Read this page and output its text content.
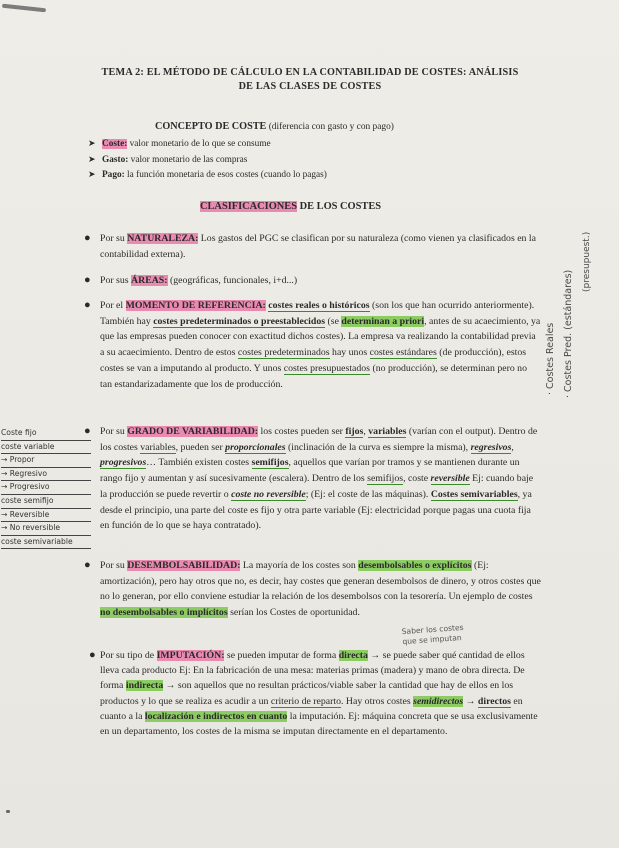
TEMA 2: EL MÉTODO DE CÁLCULO EN LA CONTABILIDAD DE COSTES: ANÁLISIS
DE LAS CLASES DE COSTES
CONCEPTO DE COSTE (diferencia con gasto y con pago)
➤ Coste: valor monetario de lo que se consume
➤ Gasto: valor monetario de las compras
➤ Pago: la función monetaria de esos costes (cuando lo pagas)
CLASIFICACIONES DE LOS COSTES
● Por su NATURALEZA: Los gastos del PGC se clasifican por su naturaleza (como vienen ya clasificados en la contabilidad externa).
● Por sus ÁREAS: (geográficas, funcionales, i+d...)
● Por el MOMENTO DE REFERENCIA: costes reales o históricos (son los que han ocurrido anteriormente). También hay costes predeterminados o preestablecidos (se determinan a priori, antes de su acaecimiento, ya que las empresas pueden conocer con exactitud dichos costes). La empresa va realizando la contabilidad previa a su acaecimiento. Dentro de estos costes predeterminados hay unos costes estándares (de producción), estos costes se van a imputando al producto. Y unos costes presupuestados (no producción), se determinan pero no tan estandarizadamente que los de producción.
● Por su GRADO DE VARIABILIDAD: los costes pueden ser fijos, variables (varían con el output). Dentro de los costes variables, pueden ser proporcionales (inclinación de la curva es siempre la misma), regresivos, progresivos… También existen costes semifijos, aquellos que varían por tramos y se mantienen durante un rango fijo y aumentan y así sucesivamente (escalera). Dentro de los semifijos, coste reversible Ej: cuando baje la producción se puede revertir o coste no reversible; (Ej: el coste de las máquinas). Costes semivariables, ya desde el principio, una parte del coste es fijo y otra parte variable (Ej: electricidad porque pagas una cuota fija en función de lo que se haya contratado).
● Por su DESEMBOLSABILIDAD: La mayoría de los costes son desembolsables o explícitos (Ej: amortización), pero hay otros que no, es decir, hay costes que generan desembolsos de dinero, y otros costes que no lo generan, por ello conviene estudiar la relación de los desembolsos con la tesorería. Un ejemplo de costes no desembolsables o implícitos serían los Costes de oportunidad.
● Por su tipo de IMPUTACIÓN: se pueden imputar de forma directa → se puede saber qué cantidad de ellos lleva cada producto Ej: En la fabricación de una mesa: materias primas (madera) y mano de obra directa. De forma indirecta → son aquellos que no resultan prácticos/viable saber la cantidad que hay de ellos en los productos y lo que se realiza es acudir a un criterio de reparto. Hay otros costes semidirectos → directos en cuanto a la localización e indirectos en cuanto la imputación. Ej: máquina concreta que se usa exclusivamente en un departamento, los costes de la misma se imputan directamente en el departamento.
· Costes Reales · Costes Pred. (estándares)
(presupuest.)
Coste fijo
coste variable
→ Propor
→ Regresivo
→ Progresivo
coste semifijo
→ Reversible
→ No reversible
coste semivariable
Saber los costes
que se imputan
